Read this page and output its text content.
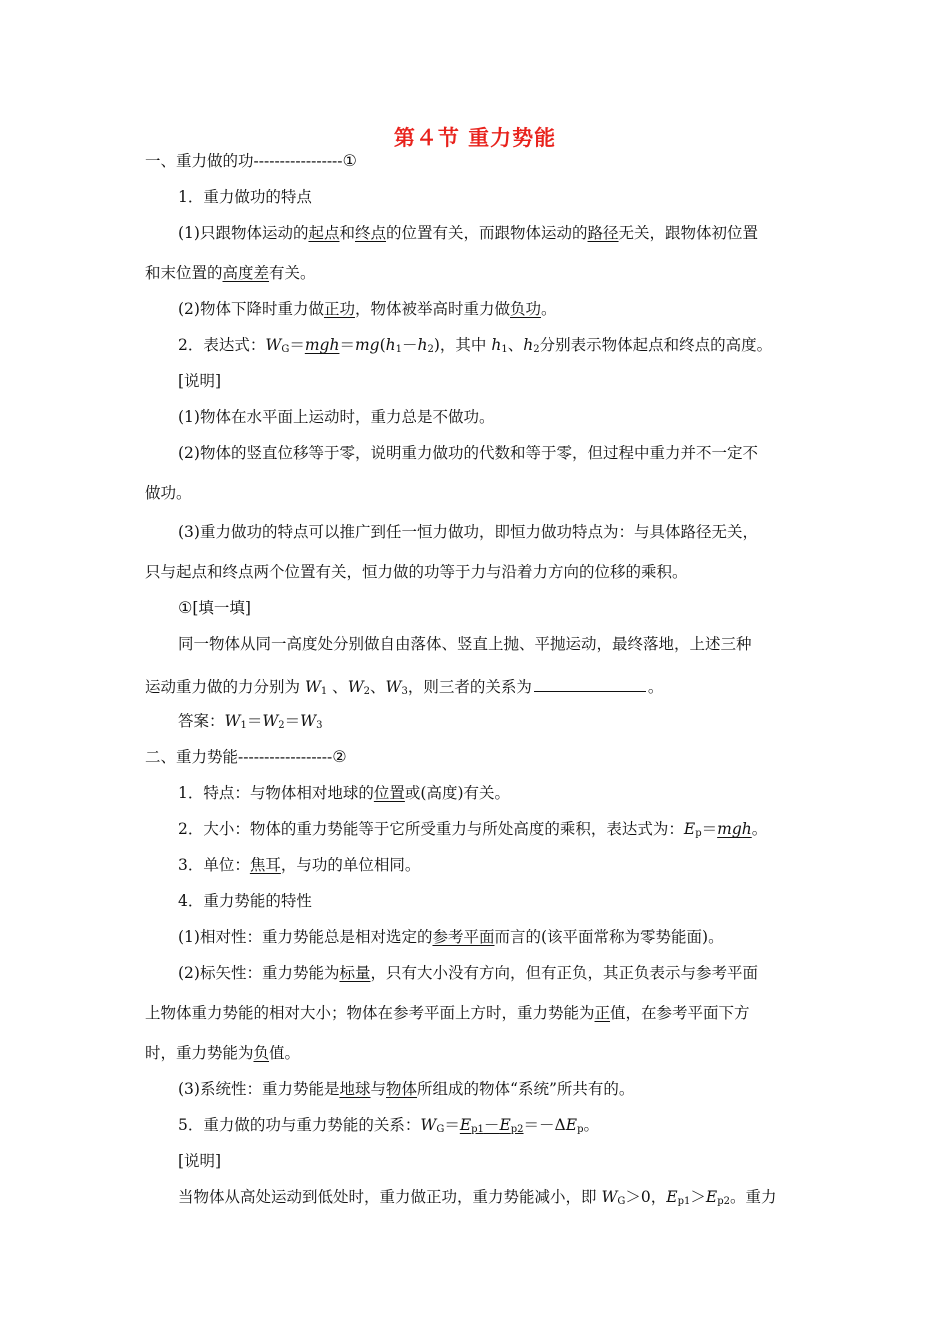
第４节 重力势能
一、重力做的功-----------------①
1．重力做功的特点
(1)只跟物体运动的起点和终点的位置有关，而跟物体运动的路径无关，跟物体初位置
和末位置的高度差有关。
(2)物体下降时重力做正功，物体被举高时重力做负功。
2．表达式：$W_G=mgh=mg(h_1-h_2)$，其中 $h_1$、$h_2$分别表示物体起点和终点的高度。
[说明]
(1)物体在水平面上运动时，重力总是不做功。
(2)物体的竖直位移等于零，说明重力做功的代数和等于零，但过程中重力并不一定不
做功。
(3)重力做功的特点可以推广到任一恒力做功，即恒力做功特点为：与具体路径无关，
只与起点和终点两个位置有关，恒力做的功等于力与沿着力方向的位移的乘积。
①[填一填]
同一物体从同一高度处分别做自由落体、竖直上抛、平抛运动，最终落地，上述三种
运动重力做的力分别为 $W_1$ 、$W_2$、$W_3$，则三者的关系为	。
答案：$W_1=W_2=W_3$
二、重力势能------------------②
1．特点：与物体相对地球的位置或(高度)有关。
2．大小：物体的重力势能等于它所受重力与所处高度的乘积，表达式为：$E_p=mgh$。
3．单位：焦耳，与功的单位相同。
4．重力势能的特性
(1)相对性：重力势能总是相对选定的参考平面而言的(该平面常称为零势能面)。
(2)标矢性：重力势能为标量，只有大小没有方向，但有正负，其正负表示与参考平面
上物体重力势能的相对大小；物体在参考平面上方时，重力势能为正值，在参考平面下方
时，重力势能为负值。
(3)系统性：重力势能是地球与物体所组成的物体“系统”所共有的。
5．重力做的功与重力势能的关系：$W_G=E_{p1}-E_{p2}=-\Delta E_p$。
[说明]
当物体从高处运动到低处时，重力做正功，重力势能减小，即 $W_G>0$，$E_{p1}>E_{p2}$。重力
